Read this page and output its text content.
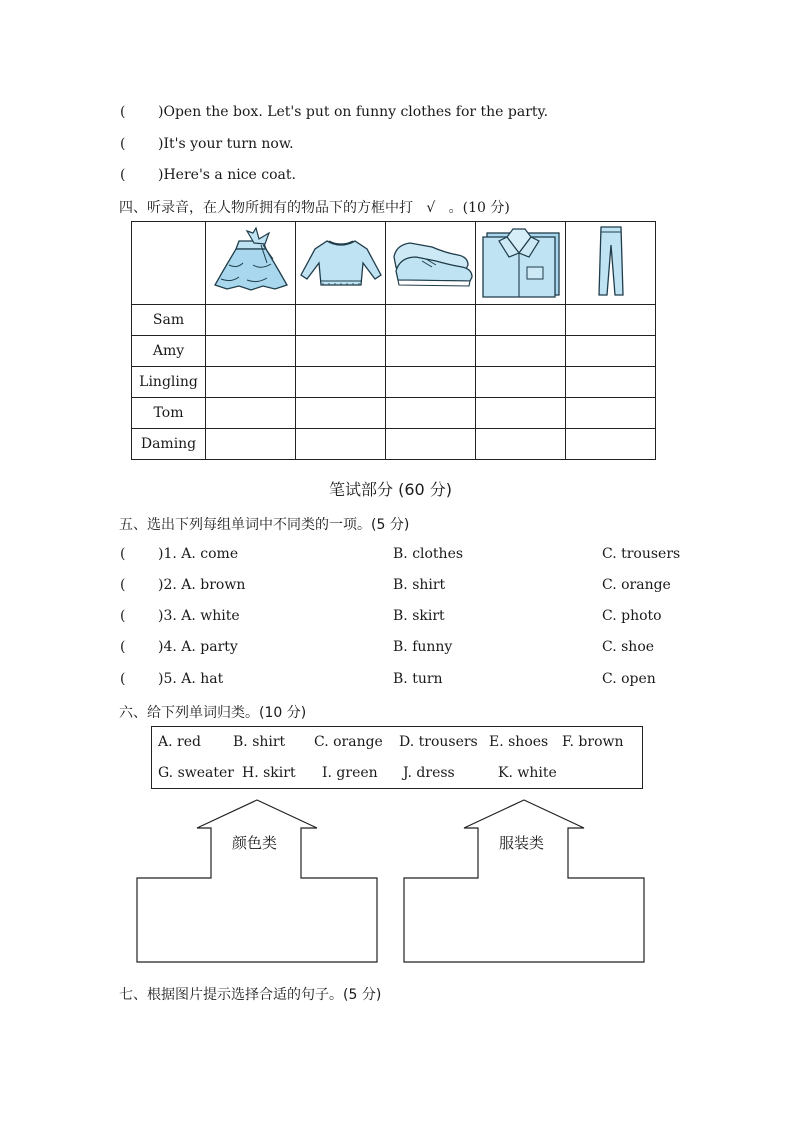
( )Open the box. Let's put on funny clothes for the party.
( )It's your turn now.
( )Here's a nice coat.
四、听录音，在人物所拥有的物品下的方框中打 √ 。(10 分)

Sam					
Amy					
Lingling					
Tom					
Daming					
笔试部分 (60 分)
五、选出下列每组单词中不同类的一项。(5 分)
( )1. A. come	B. clothes	C. trousers
( )2. A. brown	B. shirt	C. orange
( )3. A. white	B. skirt	C. photo
( )4. A. party	B. funny	C. shoe
( )5. A. hat	B. turn	C. open
六、给下列单词归类。(10 分)
A. red B. shirt C. orange D. trousers E. shoes F. brown
G. sweater H. skirt I. green J. dress	K. white
颜色类	服装类
七、根据图片提示选择合适的句子。(5 分)
